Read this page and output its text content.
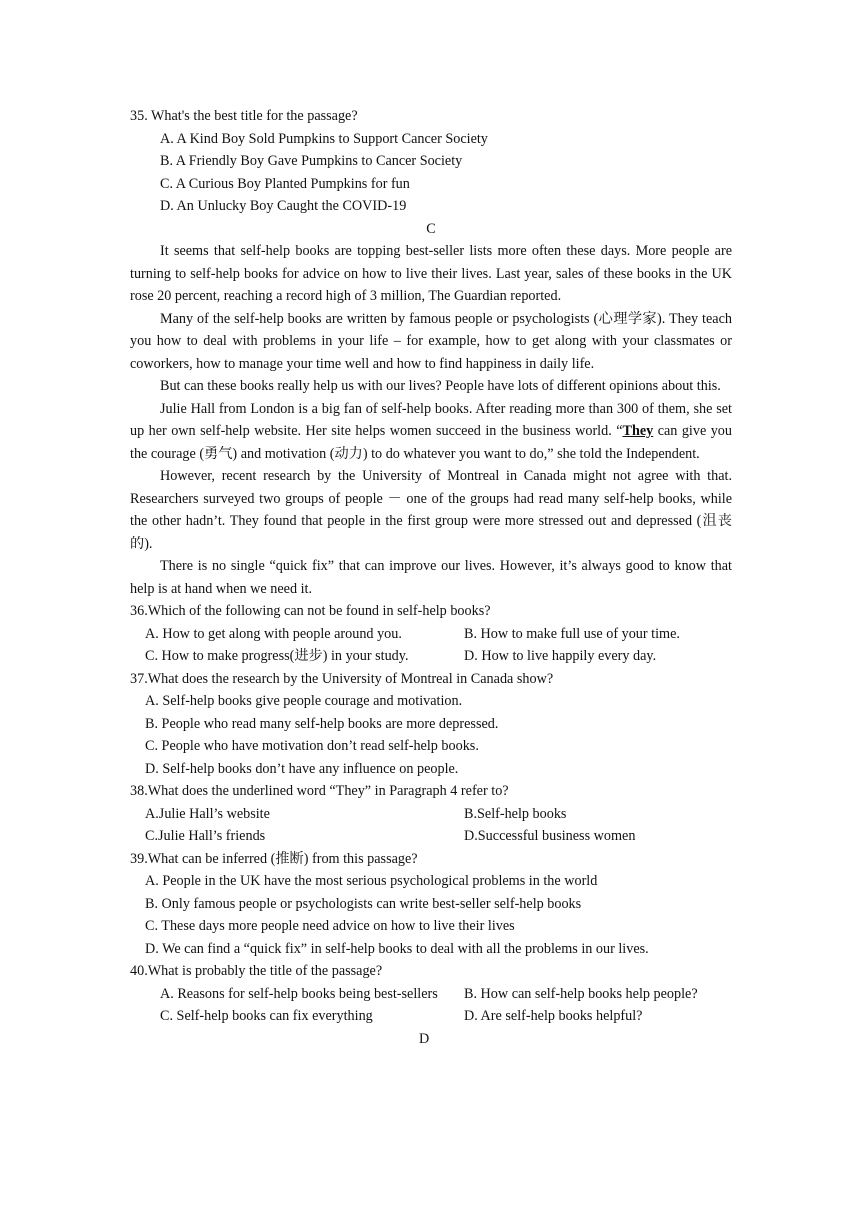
35. What's the best title for the passage?
A. A Kind Boy Sold Pumpkins to Support Cancer Society
B. A Friendly Boy Gave Pumpkins to Cancer Society
C. A Curious Boy Planted Pumpkins for fun
D. An Unlucky Boy Caught the COVID-19
C

It seems that self-help books are topping best-seller lists more often these days. More people are turning to self-help books for advice on how to live their lives. Last year, sales of these books in the UK rose 20 percent, reaching a record high of 3 million, The Guardian reported.

Many of the self-help books are written by famous people or psychologists (心理学家). They teach you how to deal with problems in your life – for example, how to get along with your classmates or coworkers, how to manage your time well and how to find happiness in daily life.

But can these books really help us with our lives? People have lots of different opinions about this.

Julie Hall from London is a big fan of self-help books. After reading more than 300 of them, she set up her own self-help website. Her site helps women succeed in the business world. “They can give you the courage (勇气) and motivation (动力) to do whatever you want to do,” she told the Independent.

However, recent research by the University of Montreal in Canada might not agree with that. Researchers surveyed two groups of people － one of the groups had read many self-help books, while the other hadn’t. They found that people in the first group were more stressed out and depressed (沮丧的).

There is no single “quick fix” that can improve our lives. However, it’s always good to know that help is at hand when we need it.

36.Which of the following can not be found in self-help books?
A. How to get along with people around you.	B. How to make full use of your time.
C. How to make progress(进步) in your study.	D. How to live happily every day.
37.What does the research by the University of Montreal in Canada show?
A. Self-help books give people courage and motivation.
B. People who read many self-help books are more depressed.
C. People who have motivation don’t read self-help books.
D. Self-help books don’t have any influence on people.
38.What does the underlined word “They” in Paragraph 4 refer to?
A.Julie Hall’s website	B.Self-help books
C.Julie Hall’s friends	D.Successful business women
39.What can be inferred (推断) from this passage?
A. People in the UK have the most serious psychological problems in the world
B. Only famous people or psychologists can write best-seller self-help books
C. These days more people need advice on how to live their lives
D. We can find a “quick fix” in self-help books to deal with all the problems in our lives.
40.What is probably the title of the passage?
A. Reasons for self-help books being best-sellers	B. How can self-help books help people?
C. Self-help books can fix everything	D. Are self-help books helpful?
D
